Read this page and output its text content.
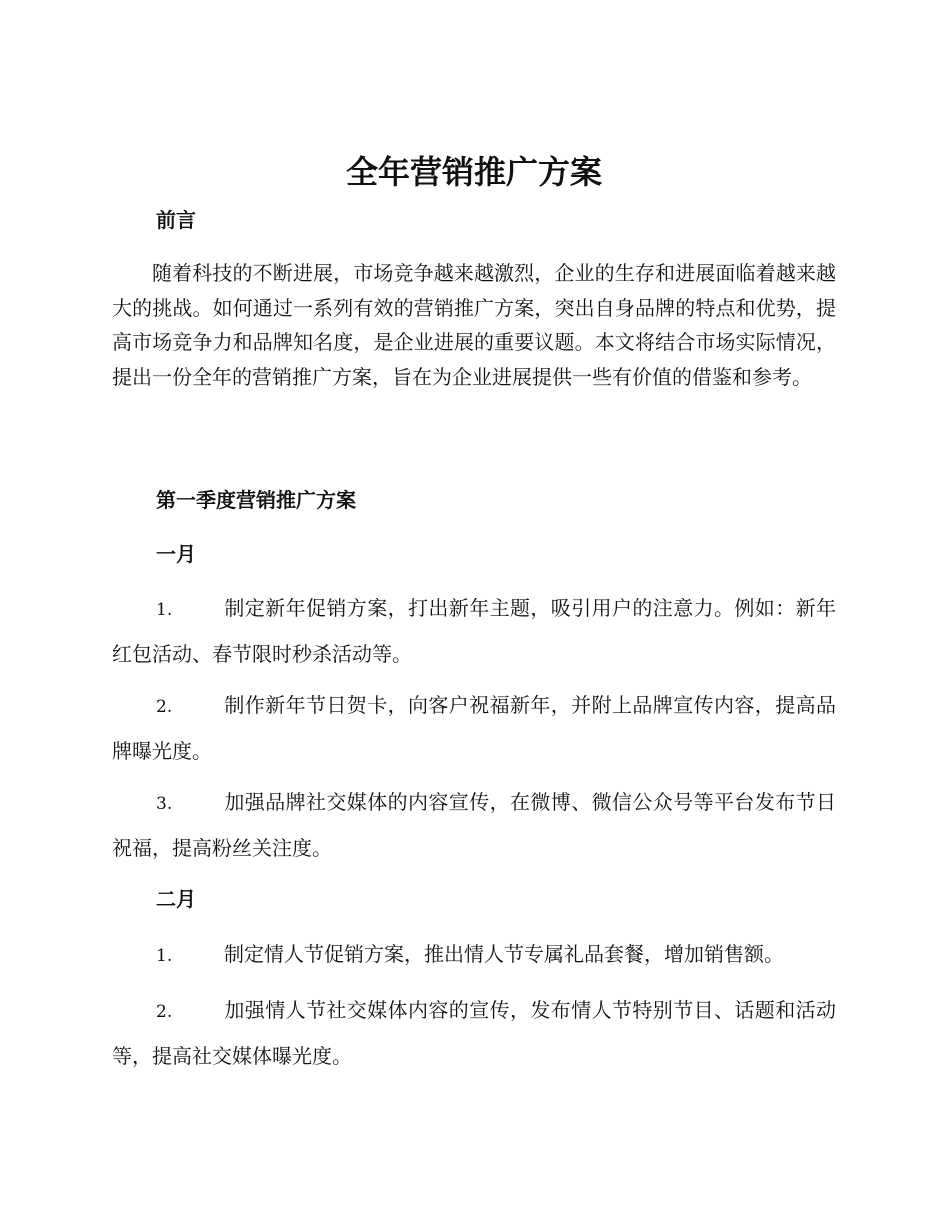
全年营销推广方案
前言

随着科技的不断进展，市场竞争越来越激烈，企业的生存和进展面临着越来越大的挑战。如何通过一系列有效的营销推广方案，突出自身品牌的特点和优势，提高市场竞争力和品牌知名度，是企业进展的重要议题。本文将结合市场实际情况，提出一份全年的营销推广方案，旨在为企业进展提供一些有价值的借鉴和参考。

第一季度营销推广方案
一月

1.	制定新年促销方案，打出新年主题，吸引用户的注意力。例如：新年红包活动、春节限时秒杀活动等。

2.	制作新年节日贺卡，向客户祝福新年，并附上品牌宣传内容，提高品牌曝光度。

3.	加强品牌社交媒体的内容宣传，在微博、微信公众号等平台发布节日祝福，提高粉丝关注度。

二月

1.	制定情人节促销方案，推出情人节专属礼品套餐，增加销售额。

2.	加强情人节社交媒体内容的宣传，发布情人节特别节目、话题和活动等，提高社交媒体曝光度。
